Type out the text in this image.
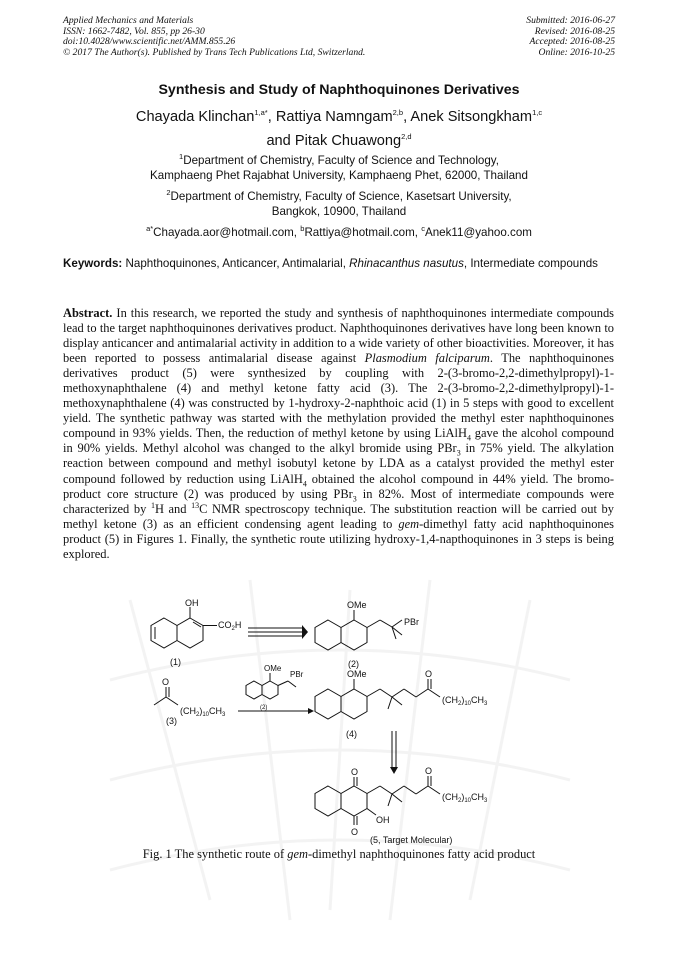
Applied Mechanics and Materials
ISSN: 1662-7482, Vol. 855, pp 26-30
doi:10.4028/www.scientific.net/AMM.855.26
© 2017 The Author(s). Published by Trans Tech Publications Ltd, Switzerland.
Submitted: 2016-06-27
Revised: 2016-08-25
Accepted: 2016-08-25
Online: 2016-10-25
Synthesis and Study of Naphthoquinones Derivatives
Chayada Klinchan$^{1,a*}$, Rattiya Namngam$^{2,b}$, Anek Sitsongkham$^{1,c}$
and Pitak Chuawong$^{2,d}$
$^1$Department of Chemistry, Faculty of Science and Technology,
Kamphaeng Phet Rajabhat University, Kamphaeng Phet, 62000, Thailand
$^2$Department of Chemistry, Faculty of Science, Kasetsart University,
Bangkok, 10900, Thailand
$^{a*}$Chayada.aor@hotmail.com, $^b$Rattiya@hotmail.com, $^c$Anek11@yahoo.com
Keywords: Naphthoquinones, Anticancer, Antimalarial, Rhinacanthus nasutus, Intermediate compounds
Abstract. In this research, we reported the study and synthesis of naphthoquinones intermediate compounds lead to the target naphthoquinones derivatives product. Naphthoquinones derivatives have long been known to display anticancer and antimalarial activity in addition to a wide variety of other bioactivities. Moreover, it has been reported to possess antimalarial disease against Plasmodium falciparum. The naphthoquinones derivatives product (5) were synthesized by coupling with 2-(3-bromo-2,2-dimethylpropyl)-1-methoxynaphthalene (4) and methyl ketone fatty acid (3). The 2-(3-bromo-2,2-dimethylpropyl)-1-methoxynaphthalene (4) was constructed by 1-hydroxy-2-naphthoic acid (1) in 5 steps with good to excellent yield. The synthetic pathway was started with the methylation provided the methyl ester naphthoquinones compound in 93% yields. Then, the reduction of methyl ketone by using LiAlH$_4$ gave the alcohol compound in 90% yields. Methyl alcohol was changed to the alkyl bromide using PBr$_3$ in 75% yield. The alkylation reaction between compound and methyl isobutyl ketone by LDA as a catalyst provided the methyl ester compound followed by reduction using LiAlH$_4$ obtained the alcohol compound in 44% yield. The bromo-product core structure (2) was produced by using PBr$_3$ in 82%. Most of intermediate compounds were characterized by $^1$H and $^{13}$C NMR spectroscopy technique. The substitution reaction will be carried out by methyl ketone (3) as an efficient condensing agent leading to gem-dimethyl fatty acid naphthoquinones product (5) in Figures 1. Finally, the synthetic route utilizing hydroxy-1,4-napthoquinones in 3 steps is being explored.
OH
$CO_2H$
(1)
OMe
PBr
(2)
O
$(CH_2)_{10}CH_3$
(3)
OMe
PBr
(2)
OMe	O
$(CH_2)_{10}CH_3$
(4)
O
O
OH
O
$(CH_2)_{10}CH_3$
(5, Target Molecular)
Fig. 1 The synthetic route of gem-dimethyl naphthoquinones fatty acid product
